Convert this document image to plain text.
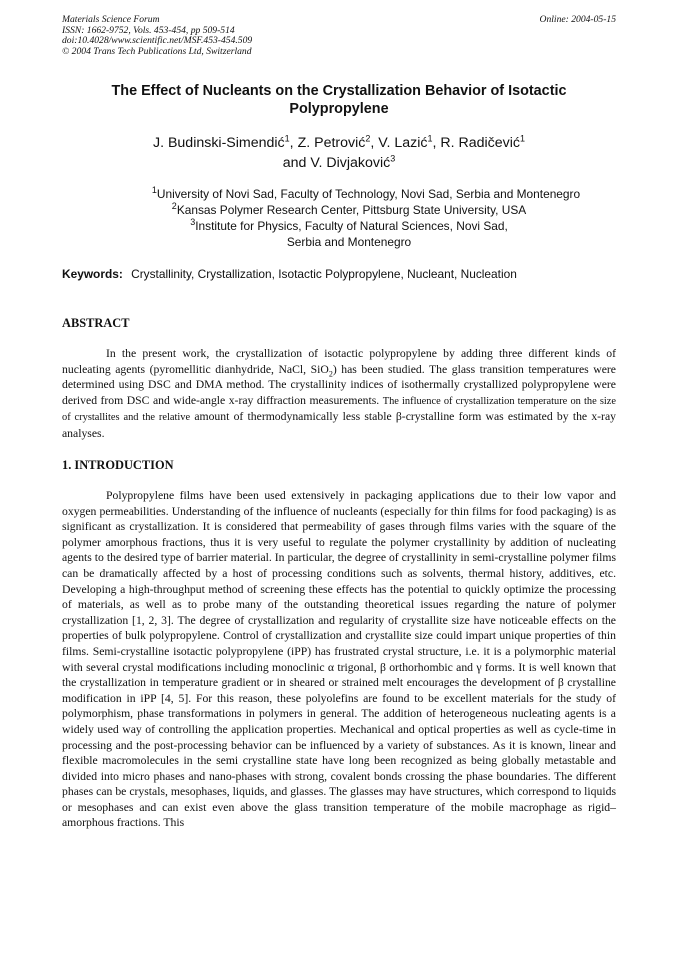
Materials Science Forum
ISSN: 1662-9752, Vols. 453-454, pp 509-514
doi:10.4028/www.scientific.net/MSF.453-454.509
© 2004 Trans Tech Publications Ltd, Switzerland
Online: 2004-05-15
The Effect of Nucleants on the Crystallization Behavior of Isotactic Polypropylene
J. Budinski-Simendić$^1$, Z. Petrović$^2$, V. Lazić$^1$, R. Radičević$^1$
and V. Divjaković$^3$
$^1$University of Novi Sad, Faculty of Technology, Novi Sad, Serbia and Montenegro
$^2$Kansas Polymer Research Center, Pittsburg State University, USA
$^3$Institute for Physics, Faculty of Natural Sciences, Novi Sad,
Serbia and Montenegro
Keywords: Crystallinity, Crystallization, Isotactic Polypropylene, Nucleant, Nucleation
ABSTRACT
In the present work, the crystallization of isotactic polypropylene by adding three different kinds of nucleating agents (pyromellitic dianhydride, NaCl, SiO$_2$) has been studied. The glass transition temperatures were determined using DSC and DMA method. The crystallinity indices of isothermally crystallized polypropylene were derived from DSC and wide-angle x-ray diffraction measurements. The influence of crystallization temperature on the size of crystallites and the relative amount of thermodynamically less stable β-crystalline form was estimated by the x-ray analyses.
1. INTRODUCTION
Polypropylene films have been used extensively in packaging applications due to their low vapor and oxygen permeabilities. Understanding of the influence of nucleants (especially for thin films for food packaging) is as significant as crystallization. It is considered that permeability of gases through films varies with the square of the polymer amorphous fractions, thus it is very useful to regulate the polymer crystallinity by addition of nucleating agents to the desired type of barrier material. In particular, the degree of crystallinity in semi-crystalline polymer films can be dramatically affected by a host of processing conditions such as solvents, thermal history, additives, etc. Developing a high-throughput method of screening these effects has the potential to quickly optimize the processing of materials, as well as to probe many of the outstanding theoretical issues regarding the nature of polymer crystallization [1, 2, 3]. The degree of crystallization and regularity of crystallite size have noticeable effects on the properties of bulk polypropylene. Control of crystallization and crystallite size could impart unique properties of thin films. Semi-crystalline isotactic polypropylene (iPP) has frustrated crystal structure, i.e. it is a polymorphic material with several crystal modifications including monoclinic α trigonal, β orthorhombic and γ forms. It is well known that the crystallization in temperature gradient or in sheared or strained melt encourages the development of β crystalline modification in iPP [4, 5]. For this reason, these polyolefins are found to be excellent materials for the study of polymorphism, phase transformations in polymers in general. The addition of heterogeneous nucleating agents is a widely used way of controlling the application properties. Mechanical and optical properties as well as cycle-time in processing and the post-processing behavior can be influenced by a variety of substances. As it is known, linear and flexible macromolecules in the semi crystalline state have long been recognized as being globally metastable and divided into micro phases and nano-phases with strong, covalent bonds crossing the phase boundaries. The different phases can be crystals, mesophases, liquids, and glasses. The glasses may have structures, which correspond to liquids or mesophases and can exist even above the glass transition temperature of the mobile macrophage as rigid–amorphous fractions. This
